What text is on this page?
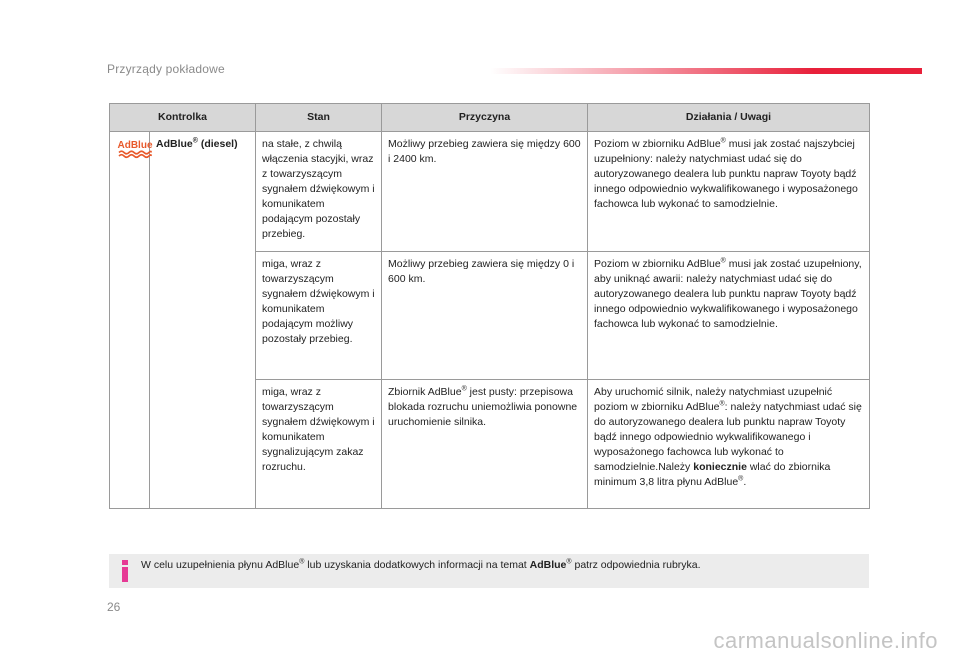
Przyrządy pokładowe
Kontrolka		Stan	Przyczyna	Działania / Uwagi

AdBlue	AdBlue® (diesel)	na stałe, z chwilą włączenia stacyjki, wraz z towarzyszącym sygnałem dźwiękowym i komunikatem podającym pozostały przebieg.	Możliwy przebieg zawiera się między 600 i 2400 km.	Poziom w zbiorniku AdBlue® musi jak zostać najszybciej uzupełniony: należy natychmiast udać się do autoryzowanego dealera lub punktu napraw Toyoty bądź innego odpowiednio wykwalifikowanego i wyposażonego fachowca lub wykonać to samodzielnie.
		miga, wraz z towarzyszącym sygnałem dźwiękowym i komunikatem podającym możliwy pozostały przebieg.	Możliwy przebieg zawiera się między 0 i 600 km.	Poziom w zbiorniku AdBlue® musi jak zostać uzupełniony, aby uniknąć awarii: należy natychmiast udać się do autoryzowanego dealera lub punktu napraw Toyoty bądź innego odpowiednio wykwalifikowanego i wyposażonego fachowca lub wykonać to samodzielnie.
		miga, wraz z towarzyszącym sygnałem dźwiękowym i komunikatem sygnalizującym zakaz rozruchu.	Zbiornik AdBlue® jest pusty: przepisowa blokada rozruchu uniemożliwia ponowne uruchomienie silnika.	Aby uruchomić silnik, należy natychmiast uzupełnić poziom w zbiorniku AdBlue®: należy natychmiast udać się do autoryzowanego dealera lub punktu napraw Toyoty bądź innego odpowiednio wykwalifikowanego i wyposażonego fachowca lub wykonać to samodzielnie.Należy koniecznie wlać do zbiornika minimum 3,8 litra płynu AdBlue®.
W celu uzupełnienia płynu AdBlue® lub uzyskania dodatkowych informacji na temat AdBlue® patrz odpowiednia rubryka.
26
carmanualsonline.info
